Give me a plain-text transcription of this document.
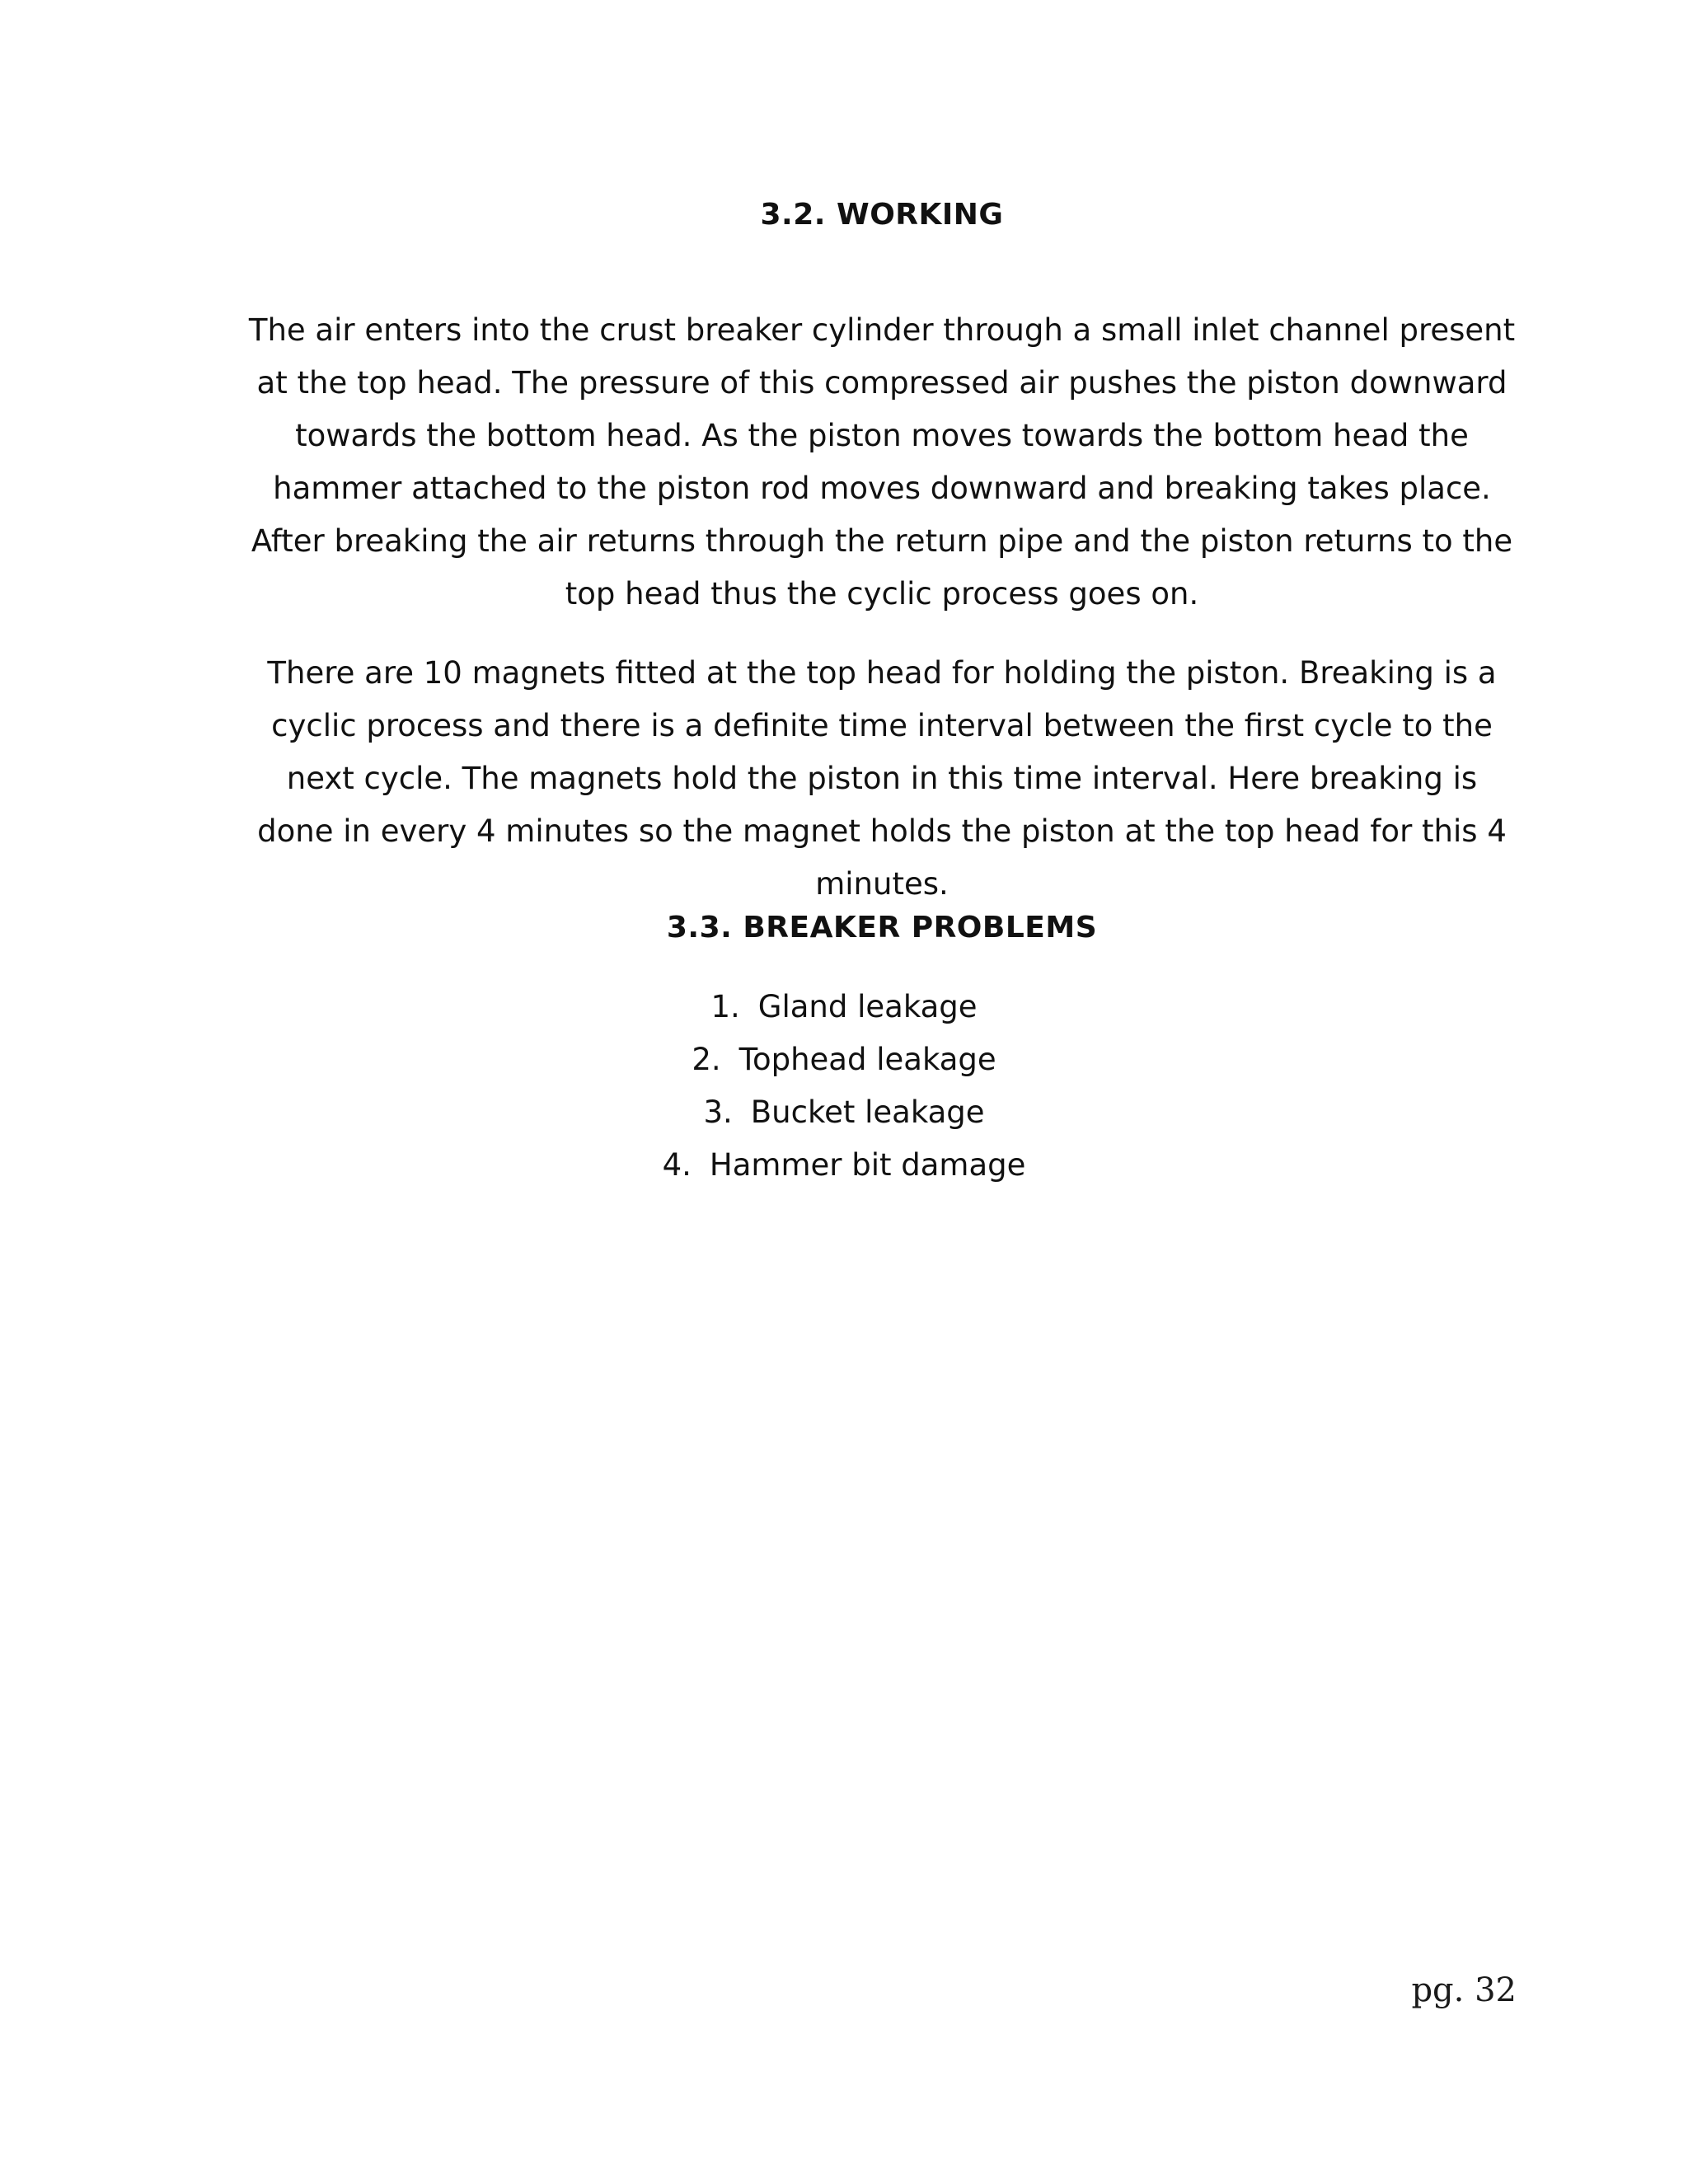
3.2. WORKING

The air enters into the crust breaker cylinder through a small inlet channel present at the top head. The pressure of this compressed air pushes the piston downward towards the bottom head. As the piston moves towards the bottom head the hammer attached to the piston rod moves downward and breaking takes place. After breaking the air returns through the return pipe and the piston returns to the top head thus the cyclic process goes on.

There are 10 magnets fitted at the top head for holding the piston. Breaking is a cyclic process and there is a definite time interval between the first cycle to the next cycle. The magnets hold the piston in this time interval. Here breaking is done in every 4 minutes so the magnet holds the piston at the top head for this 4 minutes.

3.3. BREAKER PROBLEMS
1. Gland leakage
2. Tophead leakage
3. Bucket leakage
4. Hammer bit damage
pg. 32
